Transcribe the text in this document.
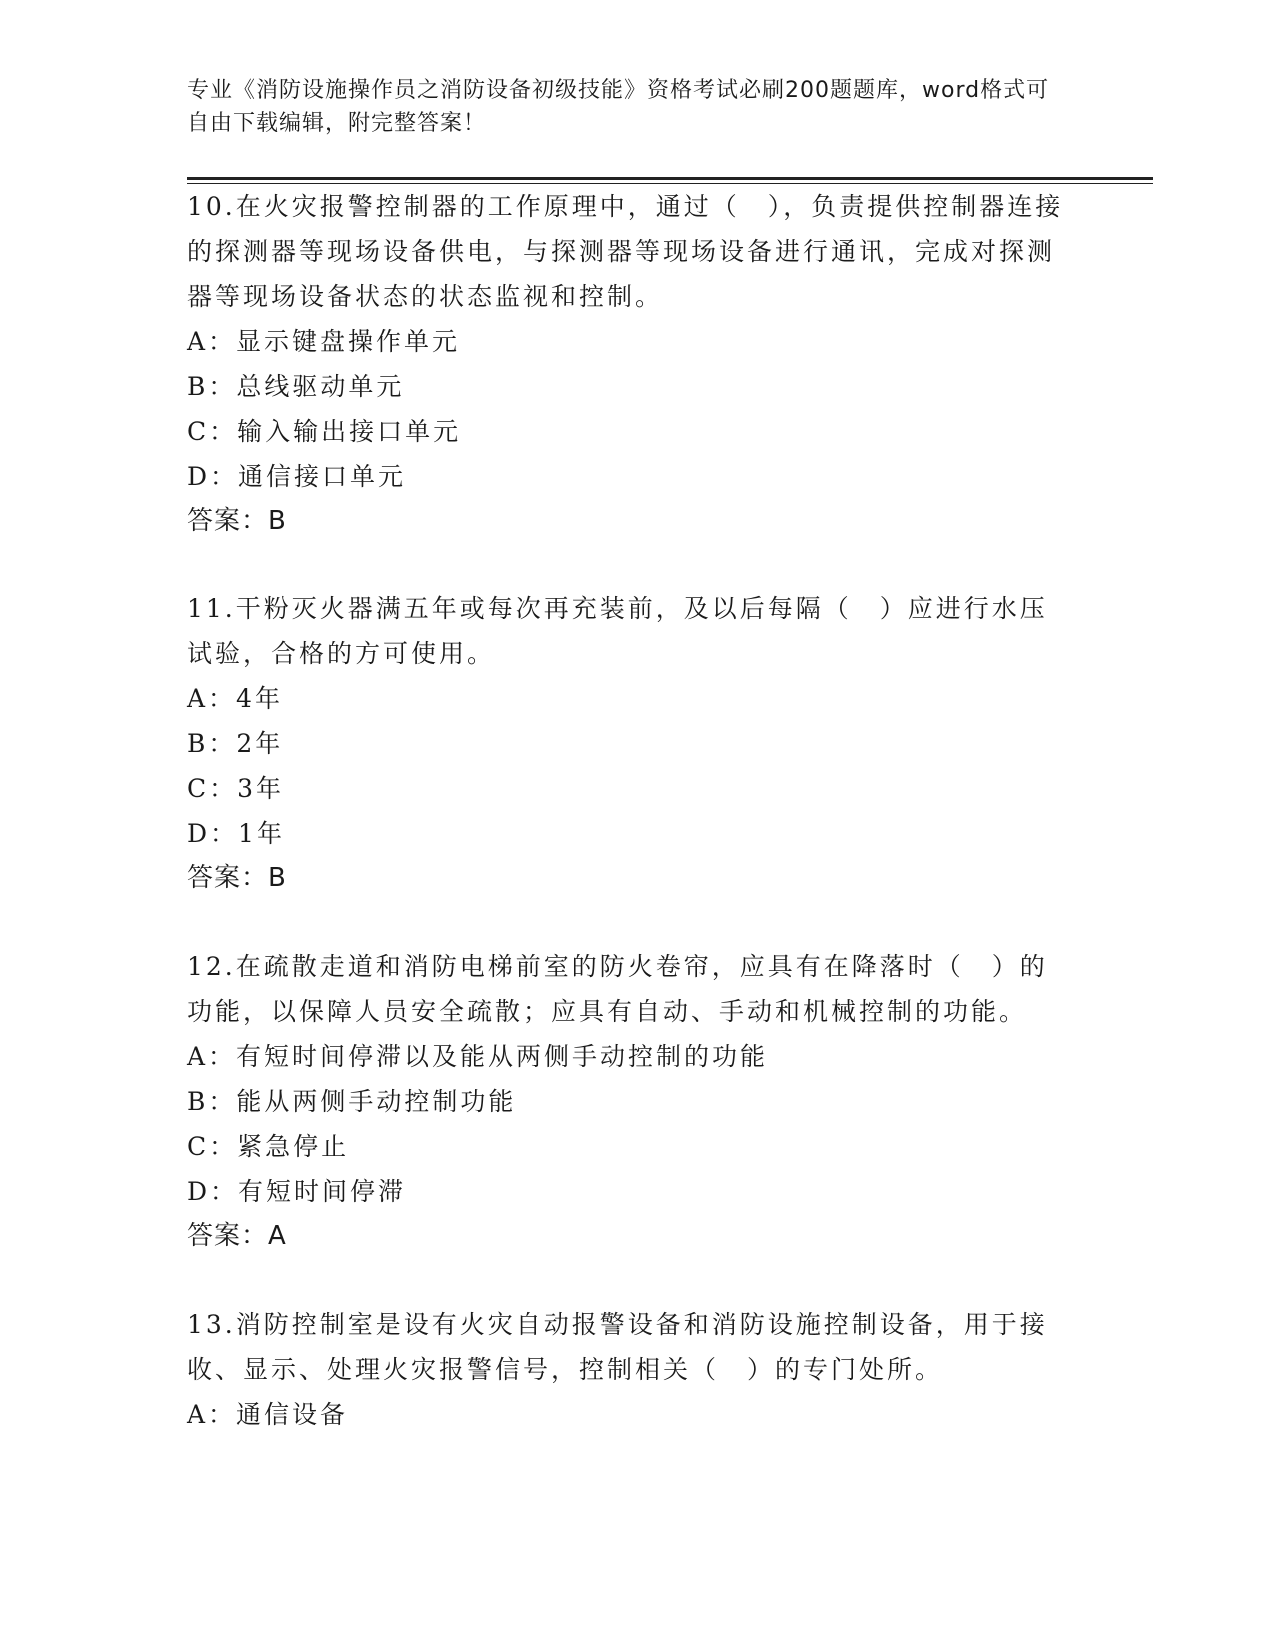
专业《消防设施操作员之消防设备初级技能》资格考试必刷200题题库，word格式可自由下载编辑，附完整答案！

10.在火灾报警控制器的工作原理中，通过（　），负责提供控制器连接的探测器等现场设备供电，与探测器等现场设备进行通讯，完成对探测器等现场设备状态的状态监视和控制。

A：显示键盘操作单元

B：总线驱动单元

C：输入输出接口单元

D：通信接口单元

答案：B

11.干粉灭火器满五年或每次再充装前，及以后每隔（　）应进行水压试验，合格的方可使用。

A：4年

B：2年

C：3年

D：1年

答案：B

12.在疏散走道和消防电梯前室的防火卷帘，应具有在降落时（　）的功能，以保障人员安全疏散；应具有自动、手动和机械控制的功能。

A：有短时间停滞以及能从两侧手动控制的功能

B：能从两侧手动控制功能

C：紧急停止

D：有短时间停滞

答案：A

13.消防控制室是设有火灾自动报警设备和消防设施控制设备，用于接收、显示、处理火灾报警信号，控制相关（　）的专门处所。

A：通信设备
